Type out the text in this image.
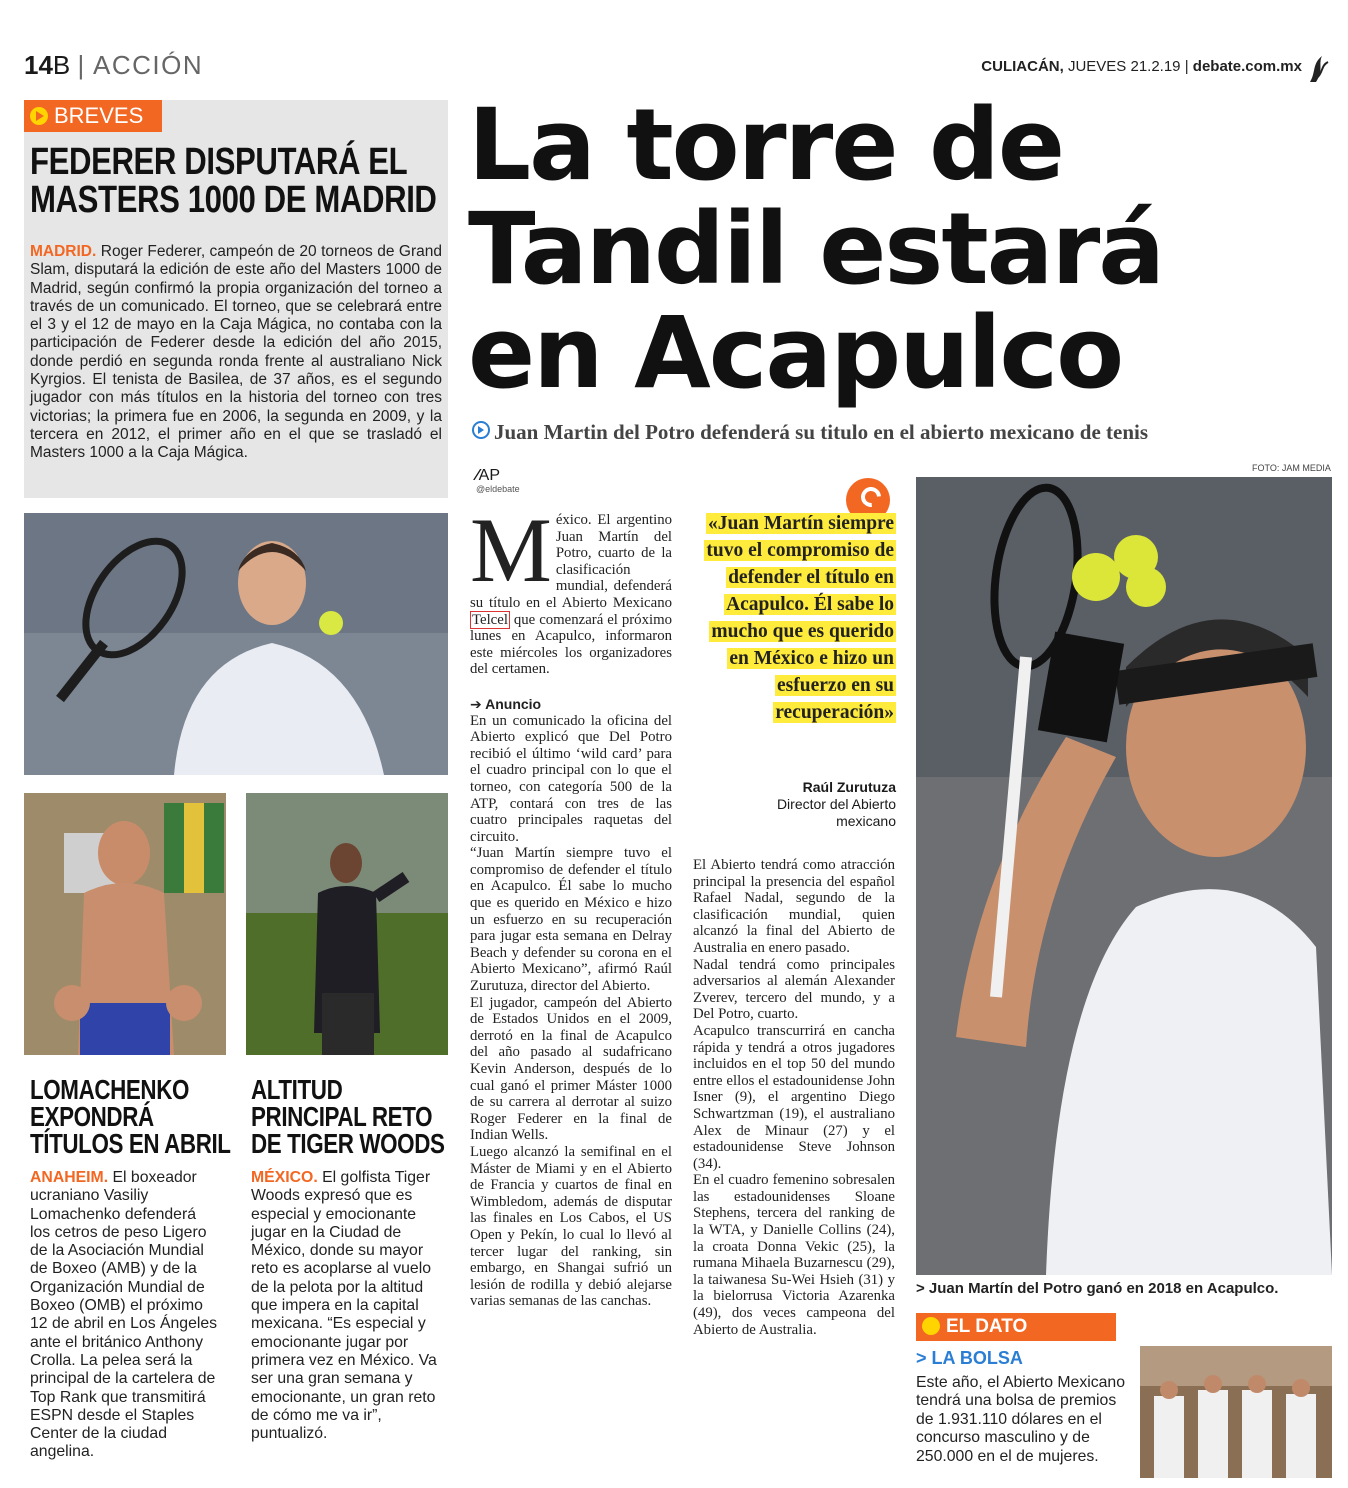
14B | ACCIÓN	CULIACÁN, JUEVES 21.2.19 | debate.com.mx
BREVES
FEDERER DISPUTARÁ EL
MASTERS 1000 DE MADRID
MADRID. Roger Federer, campeón de 20 torneos de Grand Slam, disputará la edición de este año del Masters 1000 de Madrid, según confirmó la propia organización del torneo a través de un comunicado. El torneo, que se celebrará entre el 3 y el 12 de mayo en la Caja Mágica, no contaba con la participación de Federer desde la edición del año 2015, donde perdió en segunda ronda frente al australiano Nick Kyrgios. El tenista de Basilea, de 37 años, es el segundo jugador con más títulos en la historia del torneo con tres victorias; la primera fue en 2006, la segunda en 2009, y la tercera en 2012, el primer año en el que se trasladó el Masters 1000 a la Caja Mágica.
LOMACHENKO
EXPONDRÁ
TÍTULOS EN ABRIL
ANAHEIM. El boxeador ucraniano Vasiliy Lomachenko defenderá los cetros de peso Ligero de la Asociación Mundial de Boxeo (AMB) y de la Organización Mundial de Boxeo (OMB) el próximo 12 de abril en Los Ángeles ante el británico Anthony Crolla. La pelea será la principal de la cartelera de Top Rank que transmitirá ESPN desde el Staples Center de la ciudad angelina.
ALTITUD
PRINCIPAL RETO
DE TIGER WOODS
MÉXICO. El golfista Tiger Woods expresó que es especial y emocionante jugar en la Ciudad de México, donde su mayor reto es acoplarse al vuelo de la pelota por la altitud que impera en la capital mexicana. “Es especial y emocionante jugar por primera vez en México. Va ser una gran semana y emocionante, un gran reto de cómo me va ir”, puntualizó.
La torre de
Tandil estará
en Acapulco
Juan Martin del Potro defenderá su titulo en el abierto mexicano de tenis
⁄AP
@eldebate

México. El argentino Juan Martín del Potro, cuarto de la clasificación mundial, defenderá su título en el Abierto Mexicano Telcel que comenzará el próximo lunes en Acapulco, informaron este miércoles los organizadores del certamen.

➔ Anuncio

En un comunicado la oficina del Abierto explicó que Del Potro recibió el último ‘wild card’ para el cuadro principal con lo que el torneo, con categoría 500 de la ATP, contará con tres de las cuatro principales raquetas del circuito.

“Juan Martín siempre tuvo el compromiso de defender el título en Acapulco. Él sabe lo mucho que es querido en México e hizo un esfuerzo en su recuperación para jugar esta semana en Delray Beach y defender su corona en el Abierto Mexicano”, afirmó Raúl Zurutuza, director del Abierto.

El jugador, campeón del Abierto de Estados Unidos en el 2009, derrotó en la final de Acapulco del año pasado al sudafricano Kevin Anderson, después de lo cual ganó el primer Máster 1000 de su carrera al derrotar al suizo Roger Federer en la final de Indian Wells.

Luego alcanzó la semifinal en el Máster de Miami y en el Abierto de Francia y cuartos de final en Wimbledom, además de disputar las finales en Los Cabos, el US Open y Pekín, lo cual lo llevó al tercer lugar del ranking, sin embargo, en Shangai sufrió un lesión de rodilla y debió alejarse varias semanas de las canchas.

«Juan Martín siempre tuvo el compromiso de defender el título en Acapulco. Él sabe lo mucho que es querido en México e hizo un esfuerzo en su recuperación»
Raúl Zurutuza
Director del Abierto mexicano

El Abierto tendrá como atracción principal la presencia del español Rafael Nadal, segundo de la clasificación mundial, quien alcanzó la final del Abierto de Australia en enero pasado.

Nadal tendrá como principales adversarios al alemán Alexander Zverev, tercero del mundo, y a Del Potro, cuarto.

Acapulco transcurrirá en cancha rápida y tendrá a otros jugadores incluidos en el top 50 del mundo entre ellos el estadounidense John Isner (9), el argentino Diego Schwartzman (19), el australiano Alex de Minaur (27) y el estadounidense Steve Johnson (34).

En el cuadro femenino sobresalen las estadounidenses Sloane Stephens, tercera del ranking de la WTA, y Danielle Collins (24), la croata Donna Vekic (25), la rumana Mihaela Buzarnescu (29), la taiwanesa Su-Wei Hsieh (31) y la bielorrusa Victoria Azarenka (49), dos veces campeona del Abierto de Australia.

FOTO: JAM MEDIA
> Juan Martín del Potro ganó en 2018 en Acapulco.
EL DATO
> LA BOLSA
Este año, el Abierto Mexicano tendrá una bolsa de premios de 1.931.110 dólares en el concurso masculino y de 250.000 en el de mujeres.
